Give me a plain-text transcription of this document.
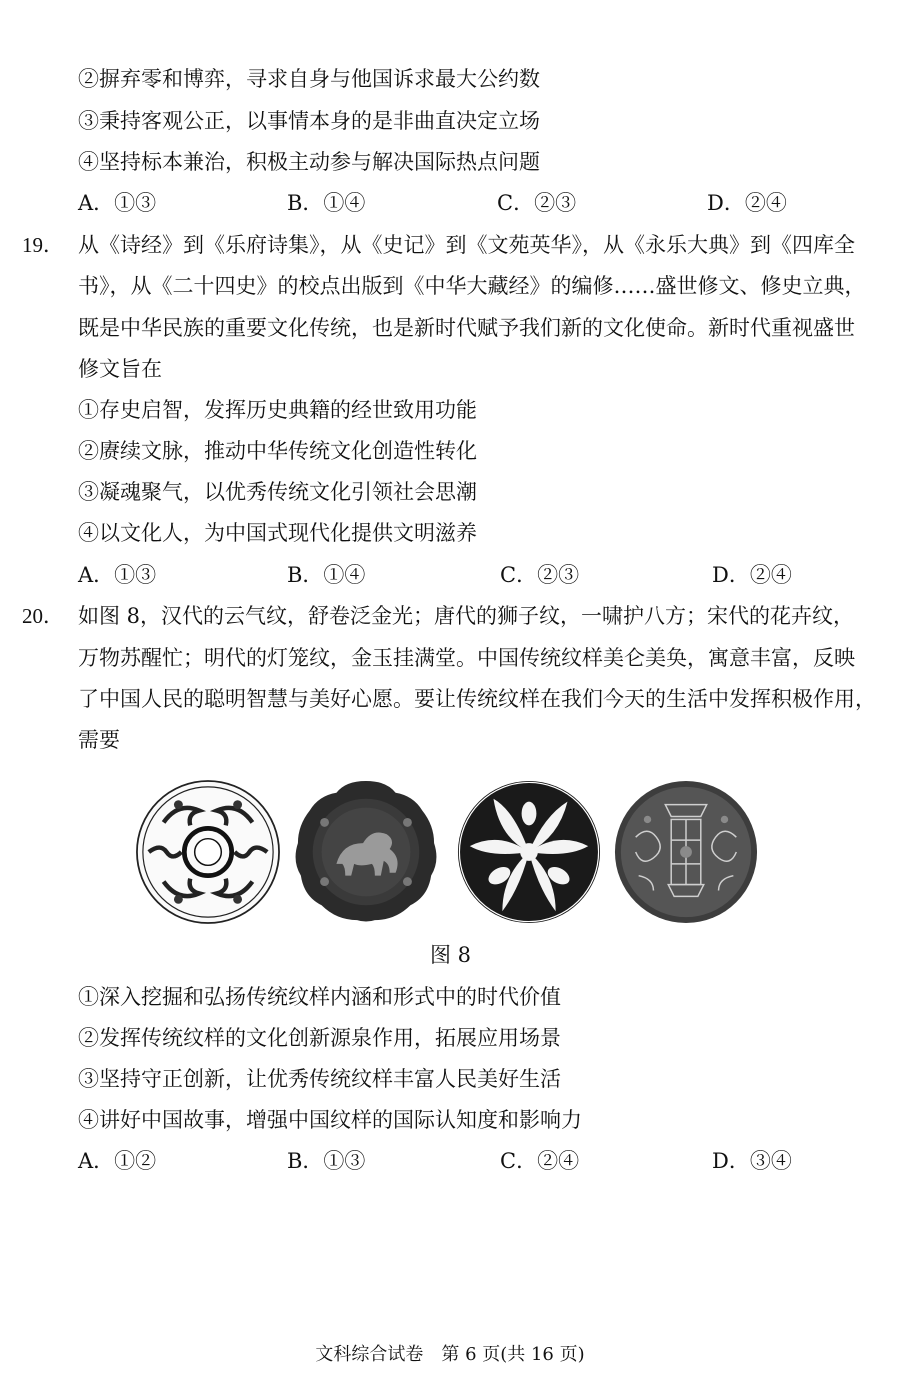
②摒弃零和博弈，寻求自身与他国诉求最大公约数
③秉持客观公正，以事情本身的是非曲直决定立场
④坚持标本兼治，积极主动参与解决国际热点问题
A．①③	B．①④	C．②③	D．②④
19． 从《诗经》到《乐府诗集》，从《史记》到《文苑英华》，从《永乐大典》到《四库全
书》，从《二十四史》的校点出版到《中华大藏经》的编修……盛世修文、修史立典，
既是中华民族的重要文化传统，也是新时代赋予我们新的文化使命。新时代重视盛世
修文旨在
①存史启智，发挥历史典籍的经世致用功能
②赓续文脉，推动中华传统文化创造性转化
③凝魂聚气，以优秀传统文化引领社会思潮
④以文化人，为中国式现代化提供文明滋养
A．①③	B．①④	C．②③	D．②④
20． 如图 8，汉代的云气纹，舒卷泛金光；唐代的狮子纹，一啸护八方；宋代的花卉纹，
万物苏醒忙；明代的灯笼纹，金玉挂满堂。中国传统纹样美仑美奂，寓意丰富，反映
了中国人民的聪明智慧与美好心愿。要让传统纹样在我们今天的生活中发挥积极作用，
需要
图 8
①深入挖掘和弘扬传统纹样内涵和形式中的时代价值
②发挥传统纹样的文化创新源泉作用，拓展应用场景
③坚持守正创新，让优秀传统纹样丰富人民美好生活
④讲好中国故事，增强中国纹样的国际认知度和影响力
A．①②	B．①③	C．②④	D．③④
文科综合试卷　第 6 页(共 16 页)
